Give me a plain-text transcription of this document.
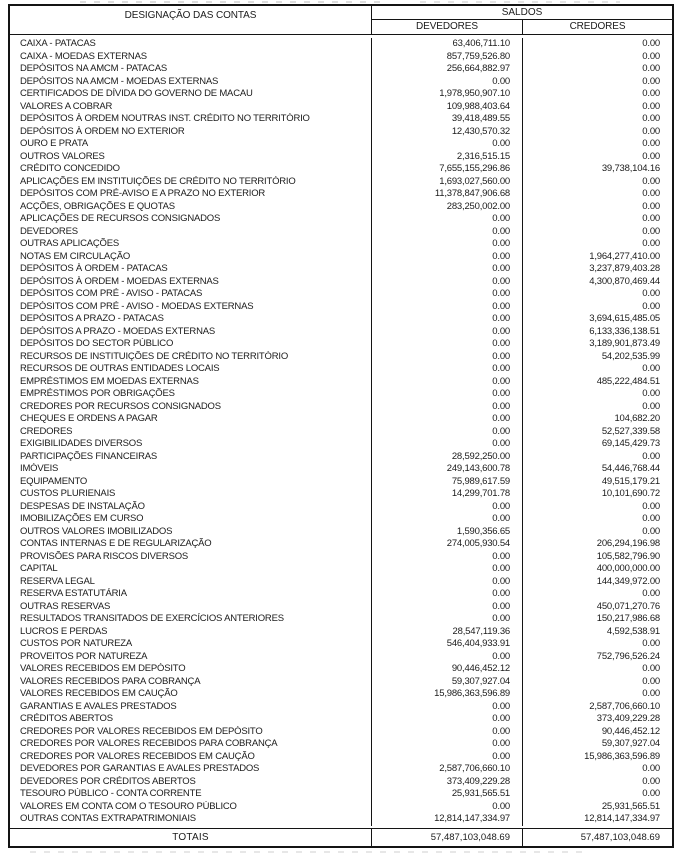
DESIGNAÇÃO DAS CONTAS	SALDOS
DEVEDORES	CREDORES
CAIXA - PATACAS	63,406,711.10	0.00
CAIXA - MOEDAS EXTERNAS	857,759,526.80	0.00
DEPÓSITOS NA AMCM - PATACAS	256,664,882.97	0.00
DEPÓSITOS NA AMCM - MOEDAS EXTERNAS	0.00	0.00
CERTIFICADOS DE DÍVIDA DO GOVERNO DE MACAU	1,978,950,907.10	0.00
VALORES A COBRAR	109,988,403.64	0.00
DEPÓSITOS À ORDEM NOUTRAS INST. CRÉDITO NO TERRITÓRIO	39,418,489.55	0.00
DEPÓSITOS À ORDEM NO EXTERIOR	12,430,570.32	0.00
OURO E PRATA	0.00	0.00
OUTROS VALORES	2,316,515.15	0.00
CRÉDITO CONCEDIDO	7,655,155,296.86	39,738,104.16
APLICAÇÕES EM INSTITUIÇÕES DE CRÉDITO NO TERRITÓRIO	1,693,027,560.00	0.00
DEPÓSITOS COM PRÉ-AVISO E A PRAZO NO EXTERIOR	11,378,847,906.68	0.00
ACÇÕES, OBRIGAÇÕES E QUOTAS	283,250,002.00	0.00
APLICAÇÕES DE RECURSOS CONSIGNADOS	0.00	0.00
DEVEDORES	0.00	0.00
OUTRAS APLICAÇÕES	0.00	0.00
NOTAS EM CIRCULAÇÃO	0.00	1,964,277,410.00
DEPÓSITOS À ORDEM - PATACAS	0.00	3,237,879,403.28
DEPÓSITOS À ORDEM - MOEDAS EXTERNAS	0.00	4,300,870,469.44
DEPÓSITOS COM PRÉ - AVISO - PATACAS	0.00	0.00
DEPÓSITOS COM PRÉ - AVISO - MOEDAS EXTERNAS	0.00	0.00
DEPÓSITOS A PRAZO - PATACAS	0.00	3,694,615,485.05
DEPÓSITOS A PRAZO - MOEDAS EXTERNAS	0.00	6,133,336,138.51
DEPÓSITOS DO SECTOR PÚBLICO	0.00	3,189,901,873.49
RECURSOS DE INSTITUIÇÕES DE CRÉDITO NO TERRITÓRIO	0.00	54,202,535.99
RECURSOS DE OUTRAS ENTIDADES LOCAIS	0.00	0.00
EMPRÉSTIMOS EM MOEDAS EXTERNAS	0.00	485,222,484.51
EMPRÉSTIMOS POR OBRIGAÇÕES	0.00	0.00
CREDORES POR RECURSOS CONSIGNADOS	0.00	0.00
CHEQUES E ORDENS A PAGAR	0.00	104,682.20
CREDORES	0.00	52,527,339.58
EXIGIBILIDADES DIVERSOS	0.00	69,145,429.73
PARTICIPAÇÕES FINANCEIRAS	28,592,250.00	0.00
IMÓVEIS	249,143,600.78	54,446,768.44
EQUIPAMENTO	75,989,617.59	49,515,179.21
CUSTOS PLURIENAIS	14,299,701.78	10,101,690.72
DESPESAS DE INSTALAÇÃO	0.00	0.00
IMOBILIZAÇÕES EM CURSO	0.00	0.00
OUTROS VALORES IMOBILIZADOS	1,590,356.65	0.00
CONTAS INTERNAS E DE REGULARIZAÇÃO	274,005,930.54	206,294,196.98
PROVISÕES PARA RISCOS DIVERSOS	0.00	105,582,796.90
CAPITAL	0.00	400,000,000.00
RESERVA LEGAL	0.00	144,349,972.00
RESERVA ESTATUTÁRIA	0.00	0.00
OUTRAS RESERVAS	0.00	450,071,270.76
RESULTADOS TRANSITADOS DE EXERCÍCIOS ANTERIORES	0.00	150,217,986.68
LUCROS E PERDAS	28,547,119.36	4,592,538.91
CUSTOS POR NATUREZA	546,404,933.91	0.00
PROVEITOS POR NATUREZA	0.00	752,796,526.24
VALORES RECEBIDOS EM DEPÓSITO	90,446,452.12	0.00
VALORES RECEBIDOS PARA COBRANÇA	59,307,927.04	0.00
VALORES RECEBIDOS EM CAUÇÃO	15,986,363,596.89	0.00
GARANTIAS E AVALES PRESTADOS	0.00	2,587,706,660.10
CRÉDITOS ABERTOS	0.00	373,409,229.28
CREDORES POR VALORES RECEBIDOS EM DEPÓSITO	0.00	90,446,452.12
CREDORES POR VALORES RECEBIDOS PARA COBRANÇA	0.00	59,307,927.04
CREDORES POR VALORES RECEBIDOS EM CAUÇÃO	0.00	15,986,363,596.89
DEVEDORES POR GARANTIAS E AVALES PRESTADOS	2,587,706,660.10	0.00
DEVEDORES POR CRÉDITOS ABERTOS	373,409,229.28	0.00
TESOURO PÚBLICO - CONTA CORRENTE	25,931,565.51	0.00
VALORES EM CONTA COM O TESOURO PÚBLICO	0.00	25,931,565.51
OUTRAS CONTAS EXTRAPATRIMONIAIS	12,814,147,334.97	12,814,147,334.97
TOTAIS	57,487,103,048.69	57,487,103,048.69
